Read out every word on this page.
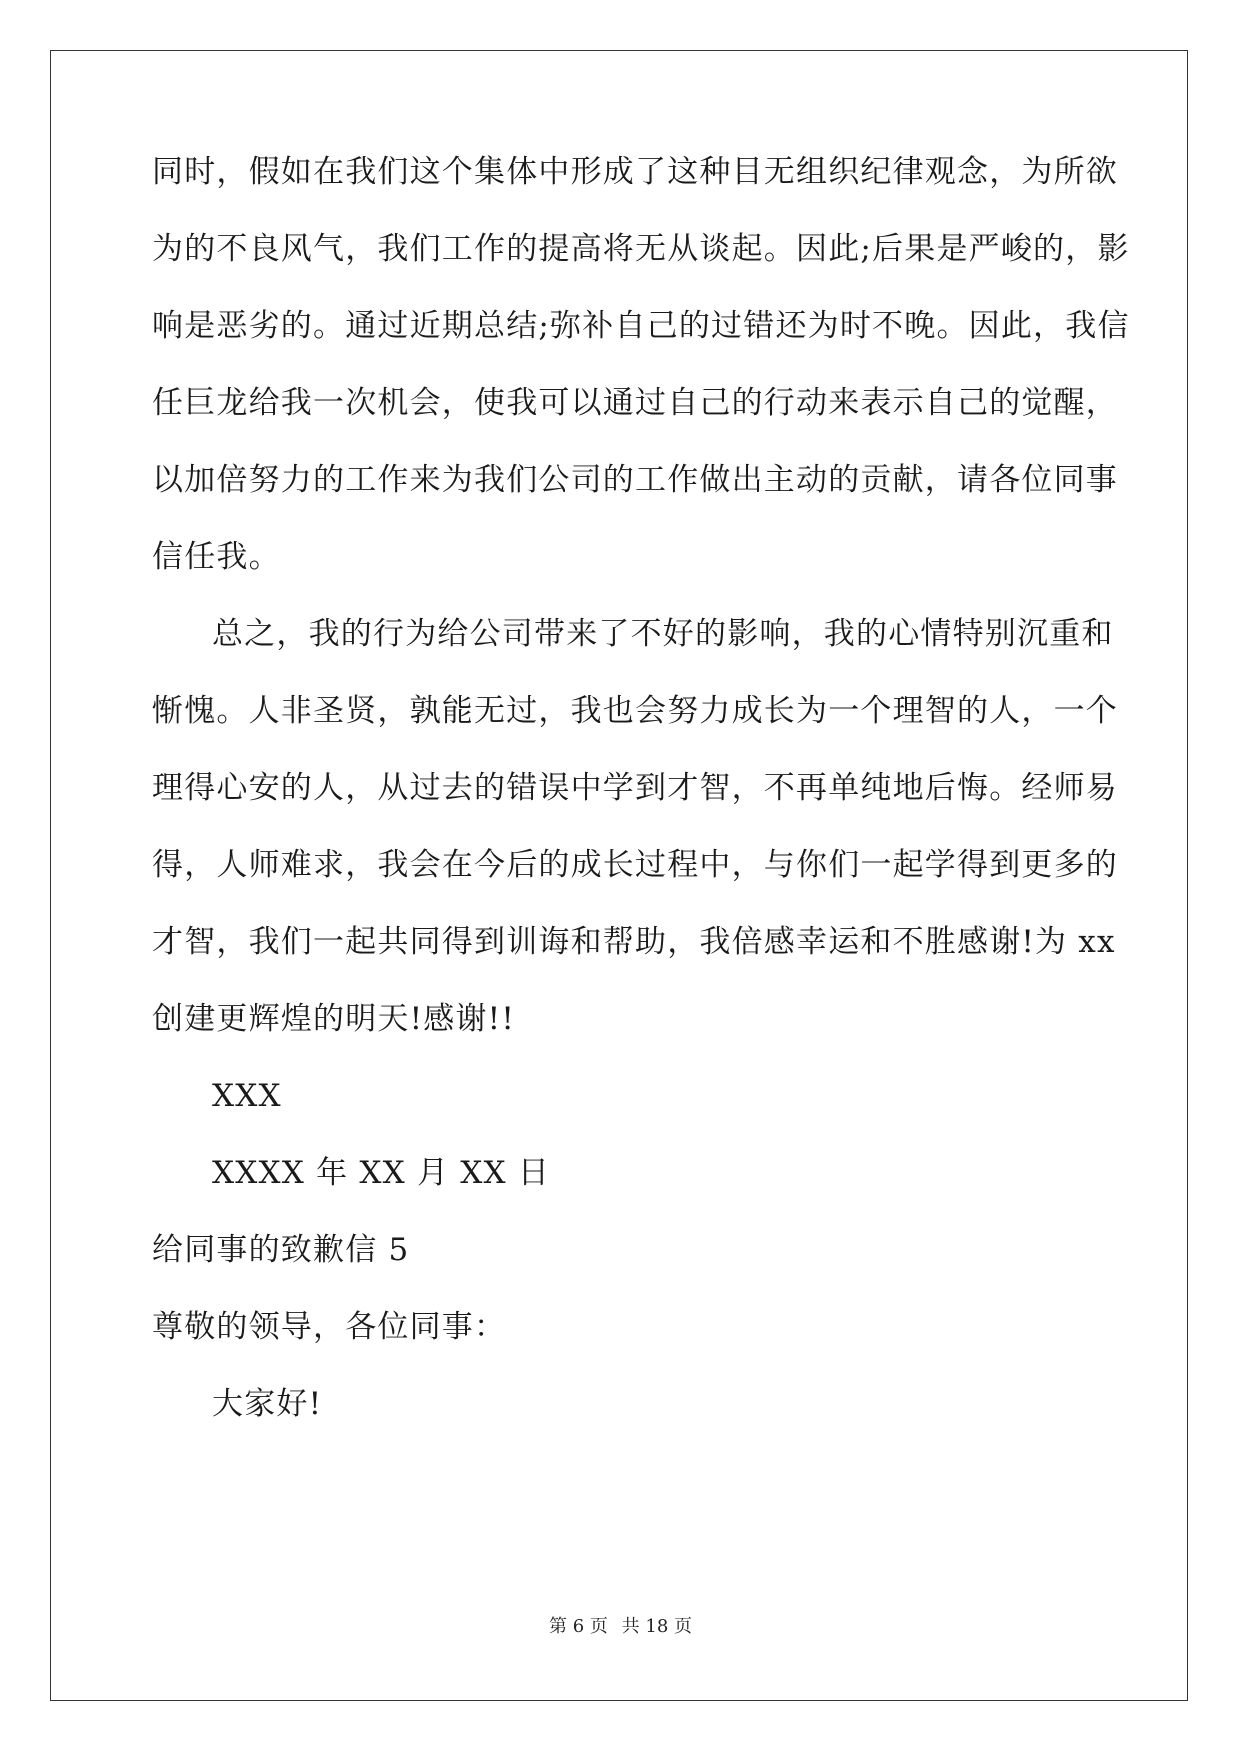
同时，假如在我们这个集体中形成了这种目无组织纪律观念，为所欲
为的不良风气，我们工作的提高将无从谈起。因此;后果是严峻的，影
响是恶劣的。通过近期总结;弥补自己的过错还为时不晚。因此，我信
任巨龙给我一次机会，使我可以通过自己的行动来表示自己的觉醒，
以加倍努力的工作来为我们公司的工作做出主动的贡献，请各位同事
信任我。
总之，我的行为给公司带来了不好的影响，我的心情特别沉重和
惭愧。人非圣贤，孰能无过，我也会努力成长为一个理智的人，一个
理得心安的人，从过去的错误中学到才智，不再单纯地后悔。经师易
得，人师难求，我会在今后的成长过程中，与你们一起学得到更多的
才智，我们一起共同得到训诲和帮助，我倍感幸运和不胜感谢!为 xx
创建更辉煌的明天!感谢!!
XXX
XXXX 年 XX 月 XX 日
给同事的致歉信 5
尊敬的领导，各位同事：
大家好!
第 6 页 共 18 页
